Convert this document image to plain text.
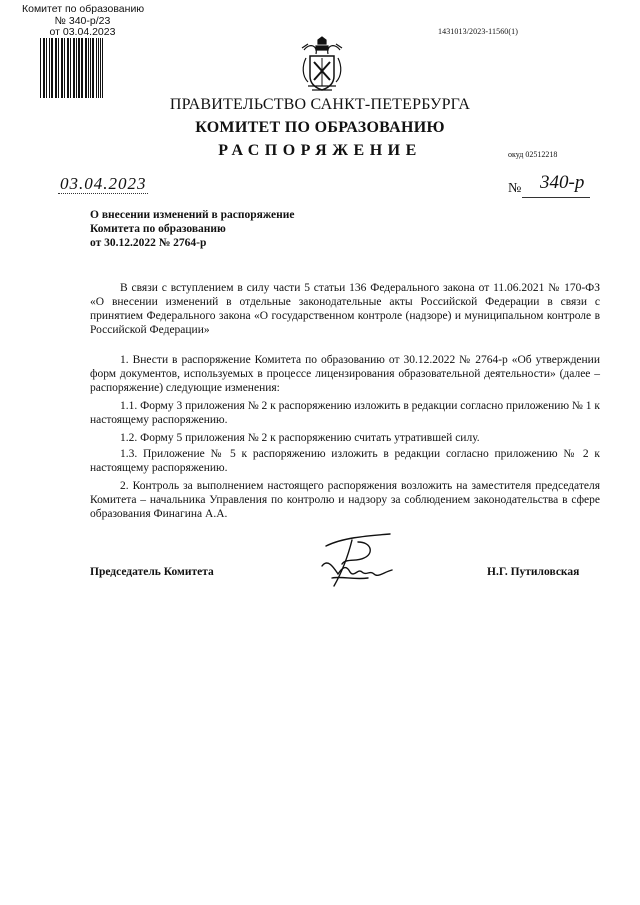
Комитет по образованию
№ 340-р/23
от 03.04.2023	1431013/2023-11560(1)
ПРАВИТЕЛЬСТВО САНКТ-ПЕТЕРБУРГА
КОМИТЕТ ПО ОБРАЗОВАНИЮ
РАСПОРЯЖЕНИЕ	окуд 02512218
03.04.2023	№ 340-р
О внесении изменений в распоряжение
Комитета по образованию
от 30.12.2022 № 2764-р

В связи с вступлением в силу части 5 статьи 136 Федерального закона от 11.06.2021 № 170-ФЗ «О внесении изменений в отдельные законодательные акты Российской Федерации в связи с принятием Федерального закона «О государственном контроле (надзоре) и муниципальном контроле в Российской Федерации»

1. Внести в распоряжение Комитета по образованию от 30.12.2022 № 2764-р «Об утверждении форм документов, используемых в процессе лицензирования образовательной деятельности» (далее – распоряжение) следующие изменения:

1.1. Форму 3 приложения № 2 к распоряжению изложить в редакции согласно приложению № 1 к настоящему распоряжению.

1.2. Форму 5 приложения № 2 к распоряжению считать утратившей силу.

1.3. Приложение № 5 к распоряжению изложить в редакции согласно приложению № 2 к настоящему распоряжению.

2. Контроль за выполнением настоящего распоряжения возложить на заместителя председателя Комитета – начальника Управления по контролю и надзору за соблюдением законодательства в сфере образования Финагина А.А.

Председатель Комитета	Н.Г. Путиловская
